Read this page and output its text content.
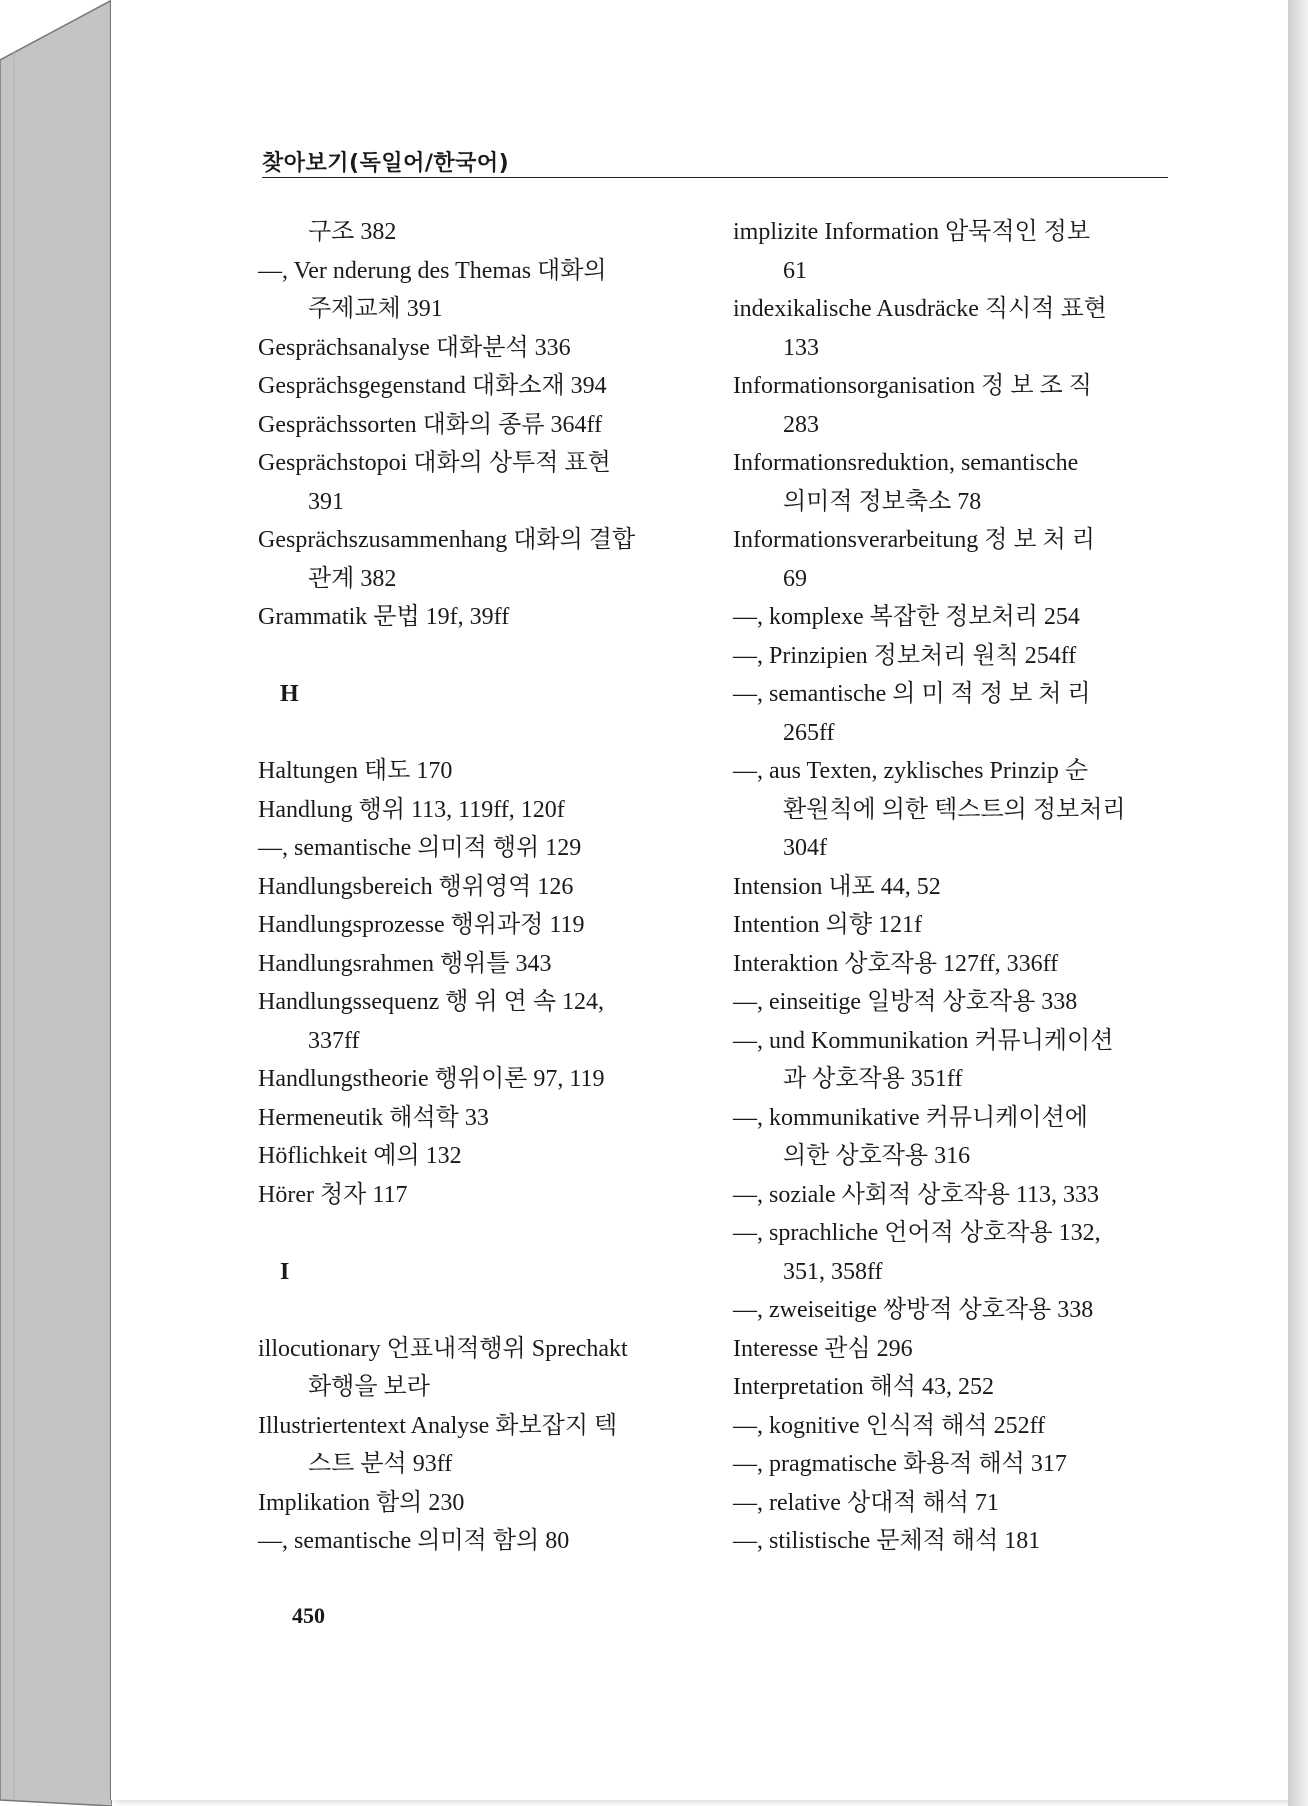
찾아보기(독일어/한국어)
구조 382
—, Ver nderung des Themas 대화의
주제교체 391
Gesprächsanalyse 대화분석 336
Gesprächsgegenstand 대화소재 394
Gesprächssorten 대화의 종류 364ff
Gesprächstopoi 대화의 상투적 표현
391
Gesprächszusammenhang 대화의 결합
관계 382
Grammatik 문법 19f, 39ff
H
Haltungen 태도 170
Handlung 행위 113, 119ff, 120f
—, semantische 의미적 행위 129
Handlungsbereich 행위영역 126
Handlungsprozesse 행위과정 119
Handlungsrahmen 행위틀 343
Handlungssequenz 행 위 연 속 124,
337ff
Handlungstheorie 행위이론 97, 119
Hermeneutik 해석학 33
Höflichkeit 예의 132
Hörer 청자 117
I
illocutionary 언표내적행위 Sprechakt
화행을 보라
Illustriertentext Analyse 화보잡지 텍
스트 분석 93ff
Implikation 함의 230
—, semantische 의미적 함의 80
implizite Information 암묵적인 정보
61
indexikalische Ausdräcke 직시적 표현
133
Informationsorganisation 정 보 조 직
283
Informationsreduktion, semantische
의미적 정보축소 78
Informationsverarbeitung 정 보 처 리
69
—, komplexe 복잡한 정보처리 254
—, Prinzipien 정보처리 원칙 254ff
—, semantische 의 미 적 정 보 처 리
265ff
—, aus Texten, zyklisches Prinzip 순
환원칙에 의한 텍스트의 정보처리
304f
Intension 내포 44, 52
Intention 의향 121f
Interaktion 상호작용 127ff, 336ff
—, einseitige 일방적 상호작용 338
—, und Kommunikation 커뮤니케이션
과 상호작용 351ff
—, kommunikative 커뮤니케이션에
의한 상호작용 316
—, soziale 사회적 상호작용 113, 333
—, sprachliche 언어적 상호작용 132,
351, 358ff
—, zweiseitige 쌍방적 상호작용 338
Interesse 관심 296
Interpretation 해석 43, 252
—, kognitive 인식적 해석 252ff
—, pragmatische 화용적 해석 317
—, relative 상대적 해석 71
—, stilistische 문체적 해석 181
450
